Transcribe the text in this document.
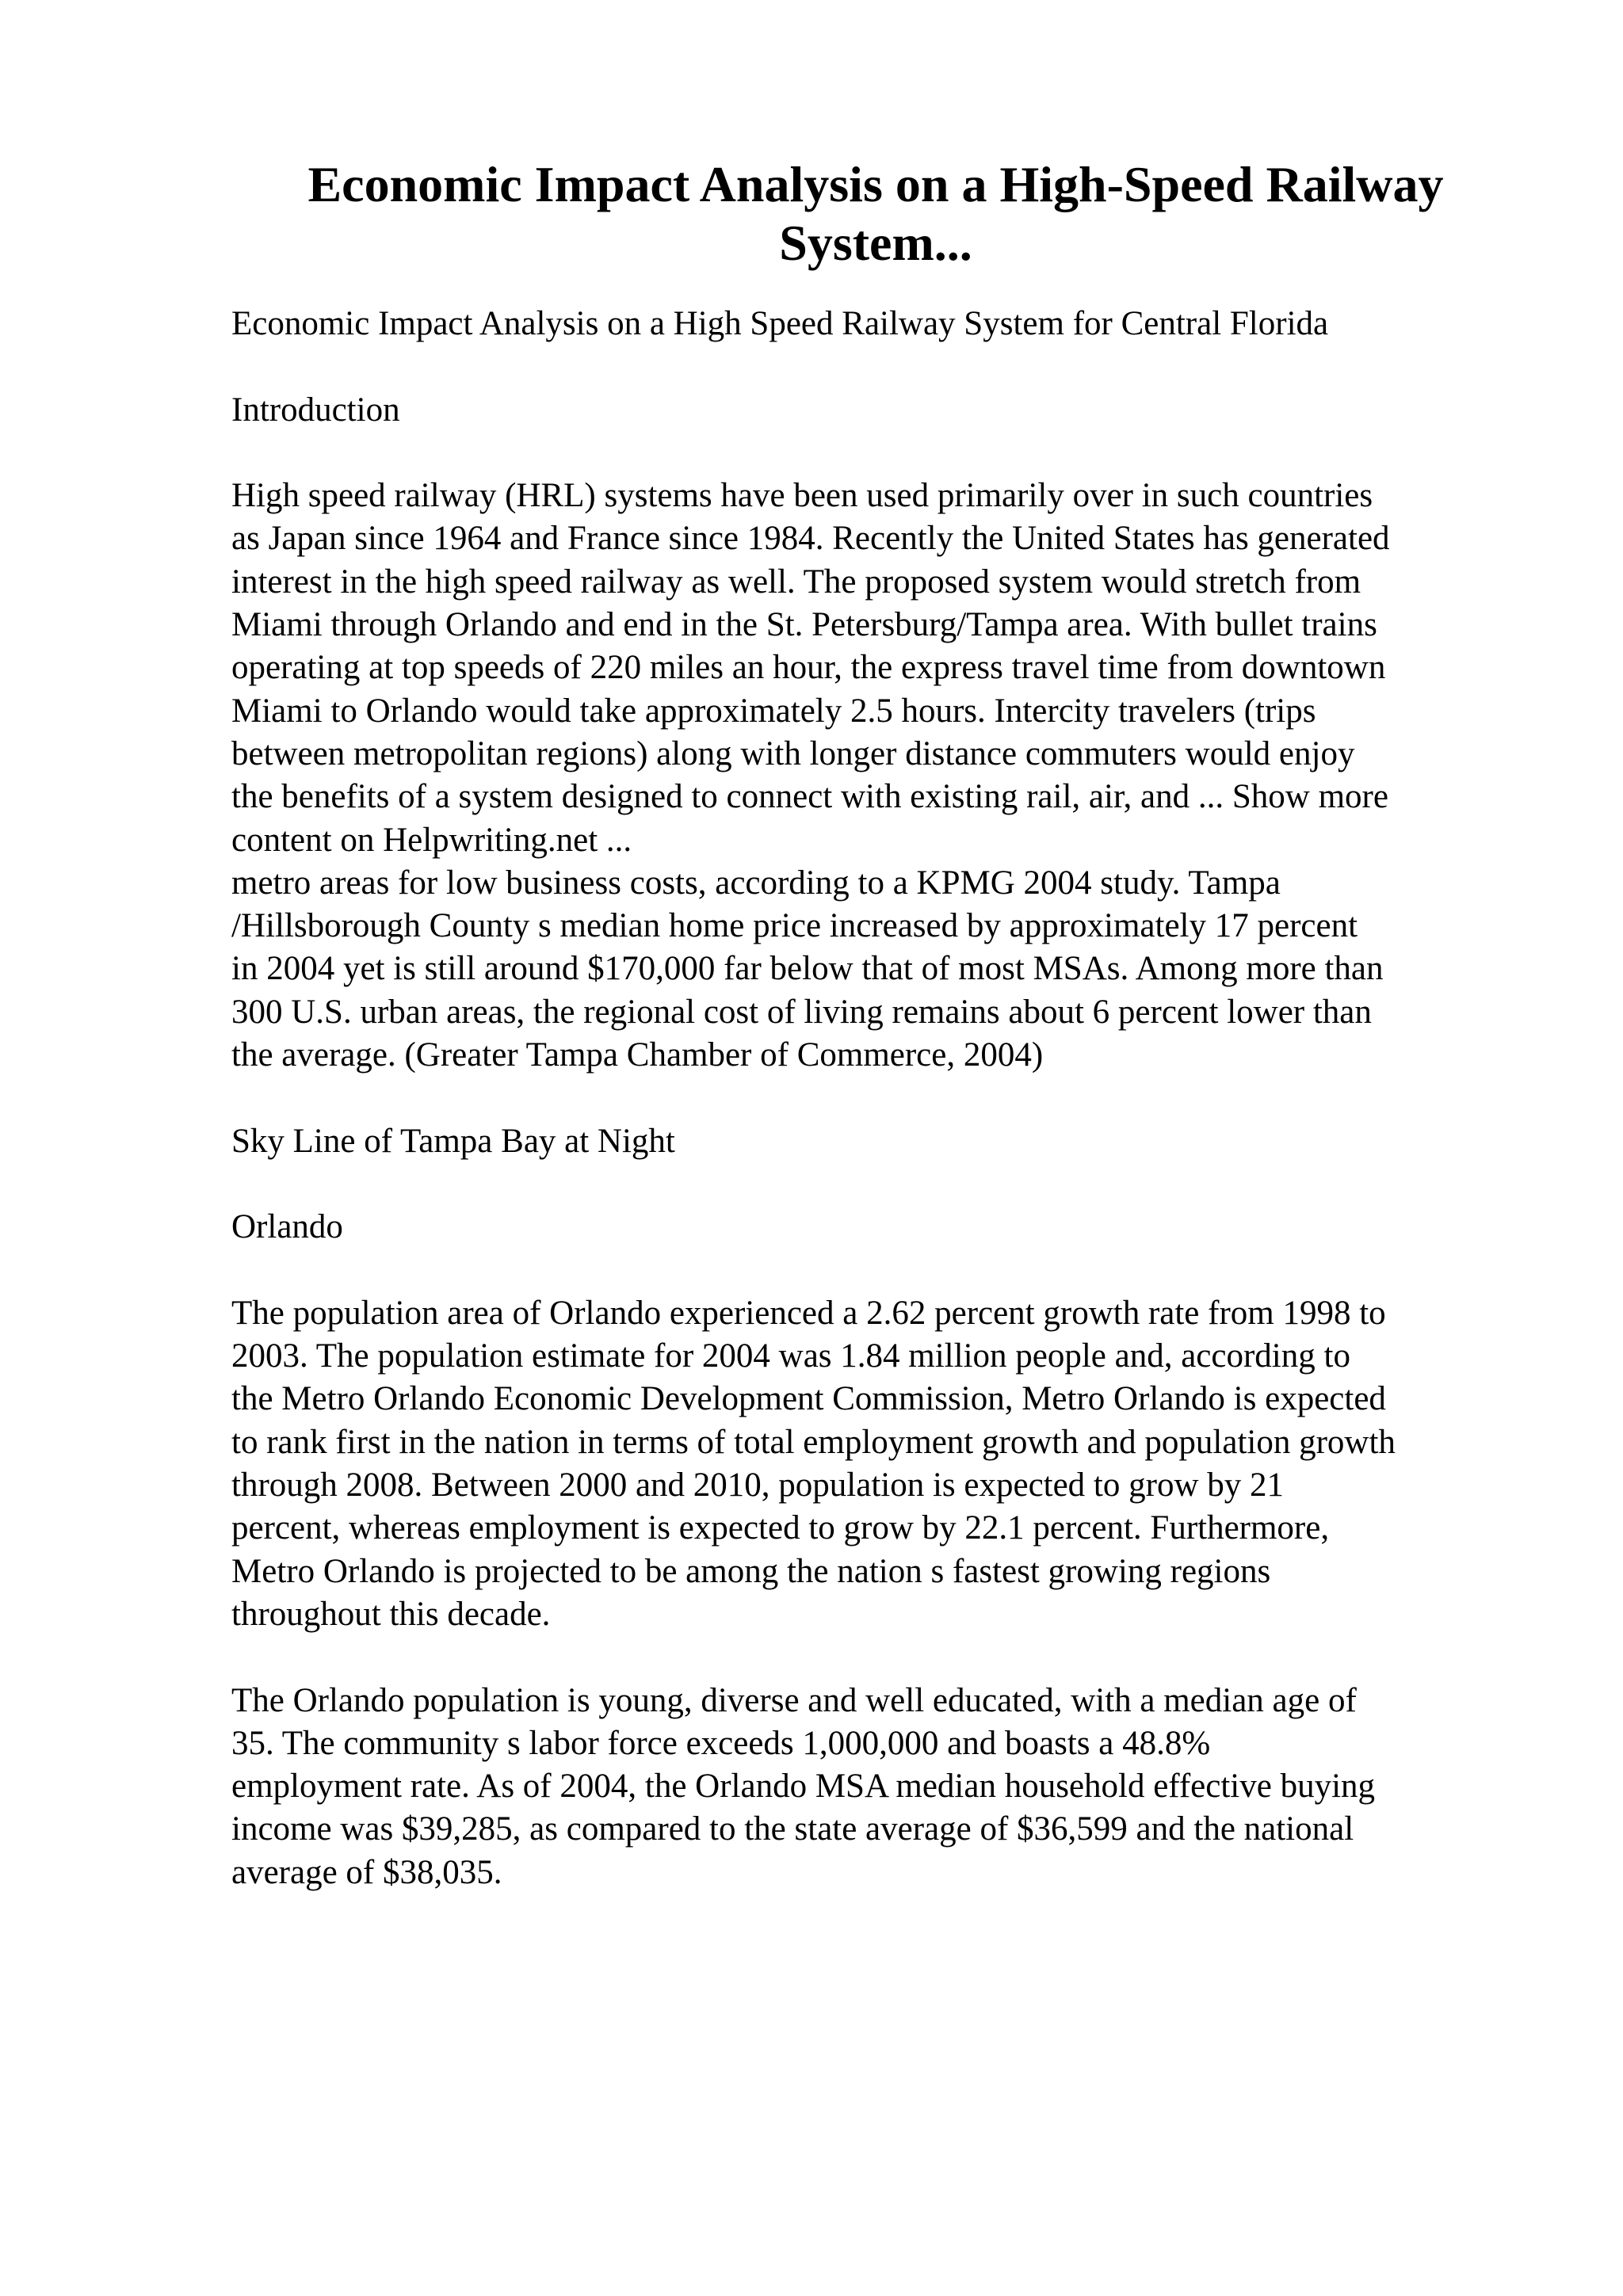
Economic Impact Analysis on a High-Speed Railway
System...

Economic Impact Analysis on a High Speed Railway System for Central Florida

Introduction

High speed railway (HRL) systems have been used primarily over in such countries
as Japan since 1964 and France since 1984. Recently the United States has generated
interest in the high speed railway as well. The proposed system would stretch from
Miami through Orlando and end in the St. Petersburg/Tampa area. With bullet trains
operating at top speeds of 220 miles an hour, the express travel time from downtown
Miami to Orlando would take approximately 2.5 hours. Intercity travelers (trips
between metropolitan regions) along with longer distance commuters would enjoy
the benefits of a system designed to connect with existing rail, air, and ... Show more
content on Helpwriting.net ...

metro areas for low business costs, according to a KPMG 2004 study. Tampa
/Hillsborough County s median home price increased by approximately 17 percent
in 2004 yet is still around $170,000 far below that of most MSAs. Among more than
300 U.S. urban areas, the regional cost of living remains about 6 percent lower than
the average. (Greater Tampa Chamber of Commerce, 2004)

Sky Line of Tampa Bay at Night

Orlando

The population area of Orlando experienced a 2.62 percent growth rate from 1998 to
2003. The population estimate for 2004 was 1.84 million people and, according to
the Metro Orlando Economic Development Commission, Metro Orlando is expected
to rank first in the nation in terms of total employment growth and population growth
through 2008. Between 2000 and 2010, population is expected to grow by 21
percent, whereas employment is expected to grow by 22.1 percent. Furthermore,
Metro Orlando is projected to be among the nation s fastest growing regions
throughout this decade.

The Orlando population is young, diverse and well educated, with a median age of
35. The community s labor force exceeds 1,000,000 and boasts a 48.8%
employment rate. As of 2004, the Orlando MSA median household effective buying
income was $39,285, as compared to the state average of $36,599 and the national
average of $38,035.
